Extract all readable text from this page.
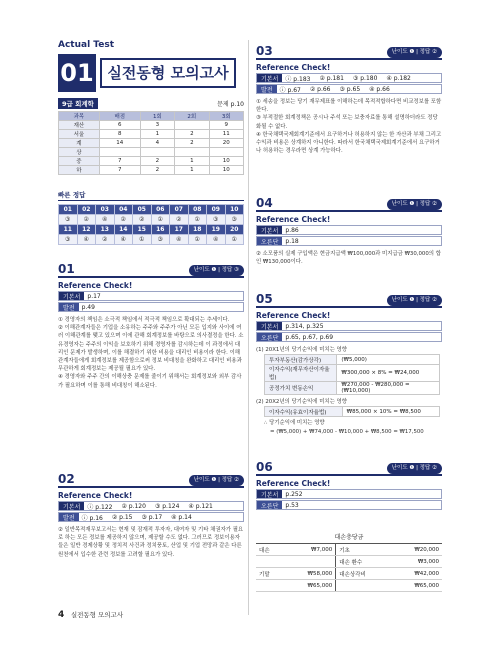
Actual Test
01 실전동형 모의고사
9급 회계학	문제 p.10
과목	배점	1회	2회	3회
재산	6	3		9
서울	8	1	2	11
계	14	4	2	20
상				
중	7	2	1	10
하	7	2	1	10
빠른 정답
01	02	03	04	05	06	07	08	09	10
③	②	④	②	②	①	②	①	③	③
11	12	13	14	15	16	17	18	19	20
③	④	②	④	①	③	④	①	④	①
01	난이도 ❶ | 정답 ③
Reference Check!
기본서	p.17
발전	p.49
① 경영자의 책임은 소극적 책임에서 적극적 책임으로 확대되는 추세이다.
② 이해관계자들은 기업을 소유하는 주주와 주주가 아닌 모든 입지와 사이에 여러 이해관계를 맺고 있으며 이에 관해 회계정보를 바탕으로 의사결정을 한다. 소유경영자는 주주의 이익을 보호하기 위해 경영자를 감시하는데 이 과정에서 대리인 문제가 발생하며, 이를 해결하기 위한 비용을 대리인 비용이라 한다. 이해관계자들에게 회계정보를 제공함으로써 정보 비대칭을 완화하고 대리인 비용과 무관하게 회계정보는 제공될 필요가 있다.
④ 경영자와 주주 간의 이해상충 문제를 줄이기 위해서는 회계정보와 외부 감사가 필요하며 이를 통해 비대칭이 해소된다.
02	난이도 ❶ | 정답 ②
Reference Check!
기본서	ⓘ p.122 ② p.120 ③ p.124 ④ p.121
발전	ⓘ p.16 ② p.15 ③ p.17 ④ p.14
② 일반목적재무보고서는 현재 및 잠재적 투자자, 대여자 및 기타 채권자가 필요로 하는 모든 정보를 제공하지 않으며, 제공할 수도 없다. 그러므로 정보이용자들은 일반 경제상황 및 정치적 사건과 정치풍토, 산업 및 기업 전망과 같은 다른 원천에서 입수한 관련 정보를 고려할 필요가 있다.
03	난이도 ❶ | 정답 ②
Reference Check!
기본서	ⓘ p.183 ② p.181 ③ p.180 ④ p.182
발전	ⓘ p.67 ② p.66 ③ p.65 ④ p.66
① 세송을 정보는 당기 재무제표를 이해하는데 목적적합하다면 비교정보를 포함한다.
③ 부적절한 회계정책은 공시나 주석 또는 보충자료를 통해 설명하더라도 정당화될 수 없다.
④ 한국채택국제회계기준에서 요구하거나 허용하지 않는 한 자산과 부채 그리고 수익과 비용은 상계하지 아니한다. 따라서 한국채택국제회계기준에서 요구하거나 허용하는 경우라면 상계 가능하다.
04	난이도 ❶ | 정답 ②
Reference Check!
기본서	p.86
오른단	p.18
② 소모품의 실제 구입액은 현금지급액 ₩100,000과 미지급금 ₩30,000의 합인 ₩130,000이다.
05	난이도 ❶ | 정답 ②
Reference Check!
기본서	p.314, p.325
오른단	p.65, p.67, p.69
(1) 20X1년의 당기순익에 미치는 영향
투자부동산(감가상각)	(₩5,000)
이자수익(재무자산이자율법)	₩300,000 × 8% = ₩24,000
공정가치 변동손익	₩270,000 - ₩280,000 = (₩10,000)
(2) 20X2년의 당기순익에 미치는 영향
이자수익(유효이자율법)	₩85,000 × 10% = ₩8,500
∴ 당기순익에 미치는 영향
= (₩5,000) + ₩74,000 - ₩10,000 + ₩8,500 = ₩17,500
06	난이도 ❶ | 정답 ②
Reference Check!
기본서	p.252
오른단	p.53
대손충당금
대손	₩7,000	기초	₩20,000
		대손 환수	₩3,000
기말	₩58,000	대손상각비	₩42,000
	₩65,000		₩65,000
4 실전동형 모의고사
